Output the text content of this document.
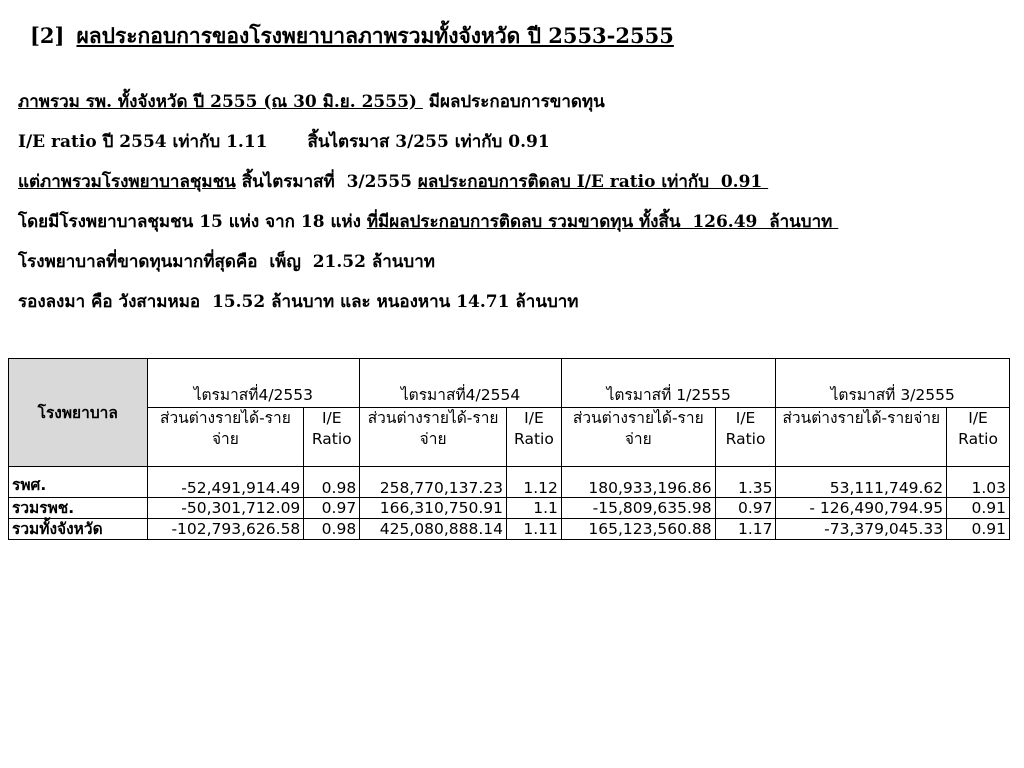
[2] ผลประกอบการของโรงพยาบาลภาพรวมทั้งจังหวัด ปี 2553-2555
ภาพรวม รพ. ทั้งจังหวัด ปี 2555 (ณ 30 มิ.ย. 2555)  มีผลประกอบการขาดทุน
I/E ratio ปี 2554 เท่ากับ 1.11 สิ้นไตรมาส 3/255 เท่ากับ 0.91
แต่ภาพรวมโรงพยาบาลชุมชน สิ้นไตรมาสที่  3/2555 ผลประกอบการติดลบ I/E ratio เท่ากับ  0.91
โดยมีโรงพยาบาลชุมชน 15 แห่ง จาก 18 แห่ง ที่มีผลประกอบการติดลบ รวมขาดทุน ทั้งสิ้น  126.49  ล้านบาท
โรงพยาบาลที่ขาดทุนมากที่สุดคือ  เพ็ญ  21.52 ล้านบาท
รองลงมา คือ วังสามหมอ  15.52 ล้านบาท และ หนองหาน 14.71 ล้านบาท
โรงพยาบาล	ไตรมาสที่4/2553		ไตรมาสที่4/2554		ไตรมาสที่ 1/2555		ไตรมาสที่ 3/2555	
	ส่วนต่างรายได้-รายจ่าย	I/E Ratio	ส่วนต่างรายได้-รายจ่าย	I/E Ratio	ส่วนต่างรายได้-รายจ่าย	I/E Ratio	ส่วนต่างรายได้-รายจ่าย	I/E Ratio
รพศ.	-52,491,914.49	0.98	258,770,137.23	1.12	180,933,196.86	1.35	53,111,749.62	1.03
รวมรพช.	-50,301,712.09	0.97	166,310,750.91	1.1	-15,809,635.98	0.97	- 126,490,794.95	0.91
รวมทั้งจังหวัด	-102,793,626.58	0.98	425,080,888.14	1.11	165,123,560.88	1.17	-73,379,045.33	0.91
